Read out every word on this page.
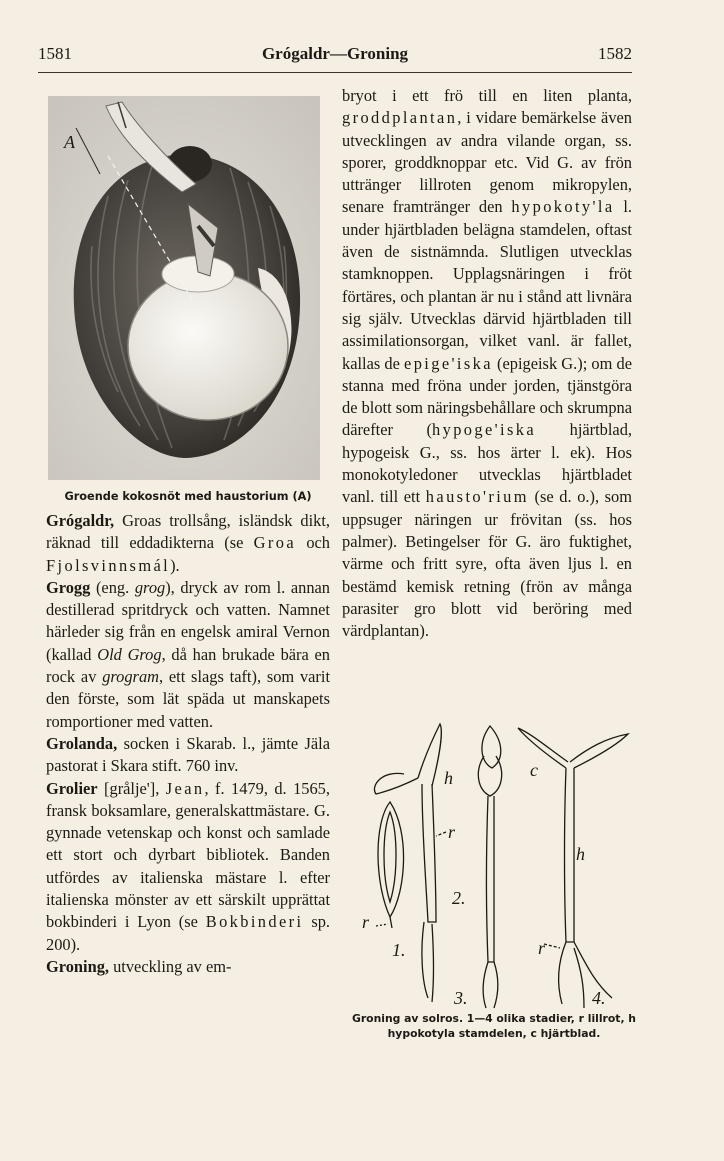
1581	Grógaldr—Groning	1582
A
Groende kokosnöt med haustorium (A)

Grógaldr, Groas trollsång, isländsk dikt, räknad till eddadikterna (se Groa och Fjolsvinnsmál).

Grogg (eng. grog), dryck av rom l. annan destillerad spritdryck och vatten. Namnet härleder sig från en engelsk amiral Vernon (kallad Old Grog, då han brukade bära en rock av grogram, ett slags taft), som varit den förste, som lät späda ut manskapets romportioner med vatten.

Grolanda, socken i Skarab. l., jämte Jäla pastorat i Skara stift. 760 inv.

Grolier [grålje'], Jean, f. 1479, d. 1565, fransk boksamlare, generalskattmästare. G. gynnade vetenskap och konst och samlade ett stort och dyrbart bibliotek. Banden utfördes av italienska mästare l. efter italienska mönster av ett särskilt upprättat bokbinderi i Lyon (se Bokbinderi sp. 200).

Groning, utveckling av em-

bryot i ett frö till en liten planta, groddplantan, i vidare bemärkelse även utvecklingen av andra vilande organ, ss. sporer, groddknoppar etc. Vid G. av frön uttränger lillroten genom mikropylen, senare framtränger den hypokoty'la l. under hjärtbladen belägna stamdelen, oftast även de sistnämnda. Slutligen utvecklas stamknoppen. Upplagsnäringen i fröt förtäres, och plantan är nu i stånd att livnära sig själv. Utvecklas därvid hjärtbladen till assimilationsorgan, vilket vanl. är fallet, kallas de epige'iska (epigeisk G.); om de stanna med fröna under jorden, tjänstgöra de blott som näringsbehållare och skrumpna därefter (hypoge'iska hjärtblad, hypogeisk G., ss. hos ärter l. ek). Hos monokotyledoner utvecklas hjärtbladet vanl. till ett hausto'rium (se d. o.), som uppsuger näringen ur frövitan (ss. hos palmer). Betingelser för G. äro fuktighet, värme och fritt syre, ofta även ljus l. en bestämd kemisk retning (frön av många parasiter gro blott vid beröring med värdplantan).

h
r
2.
r
1.
3.
c
h
r
4.
Groning av solros. 1—4 olika stadier, r lillrot, h hypokotyla stamdelen, c hjärtblad.
